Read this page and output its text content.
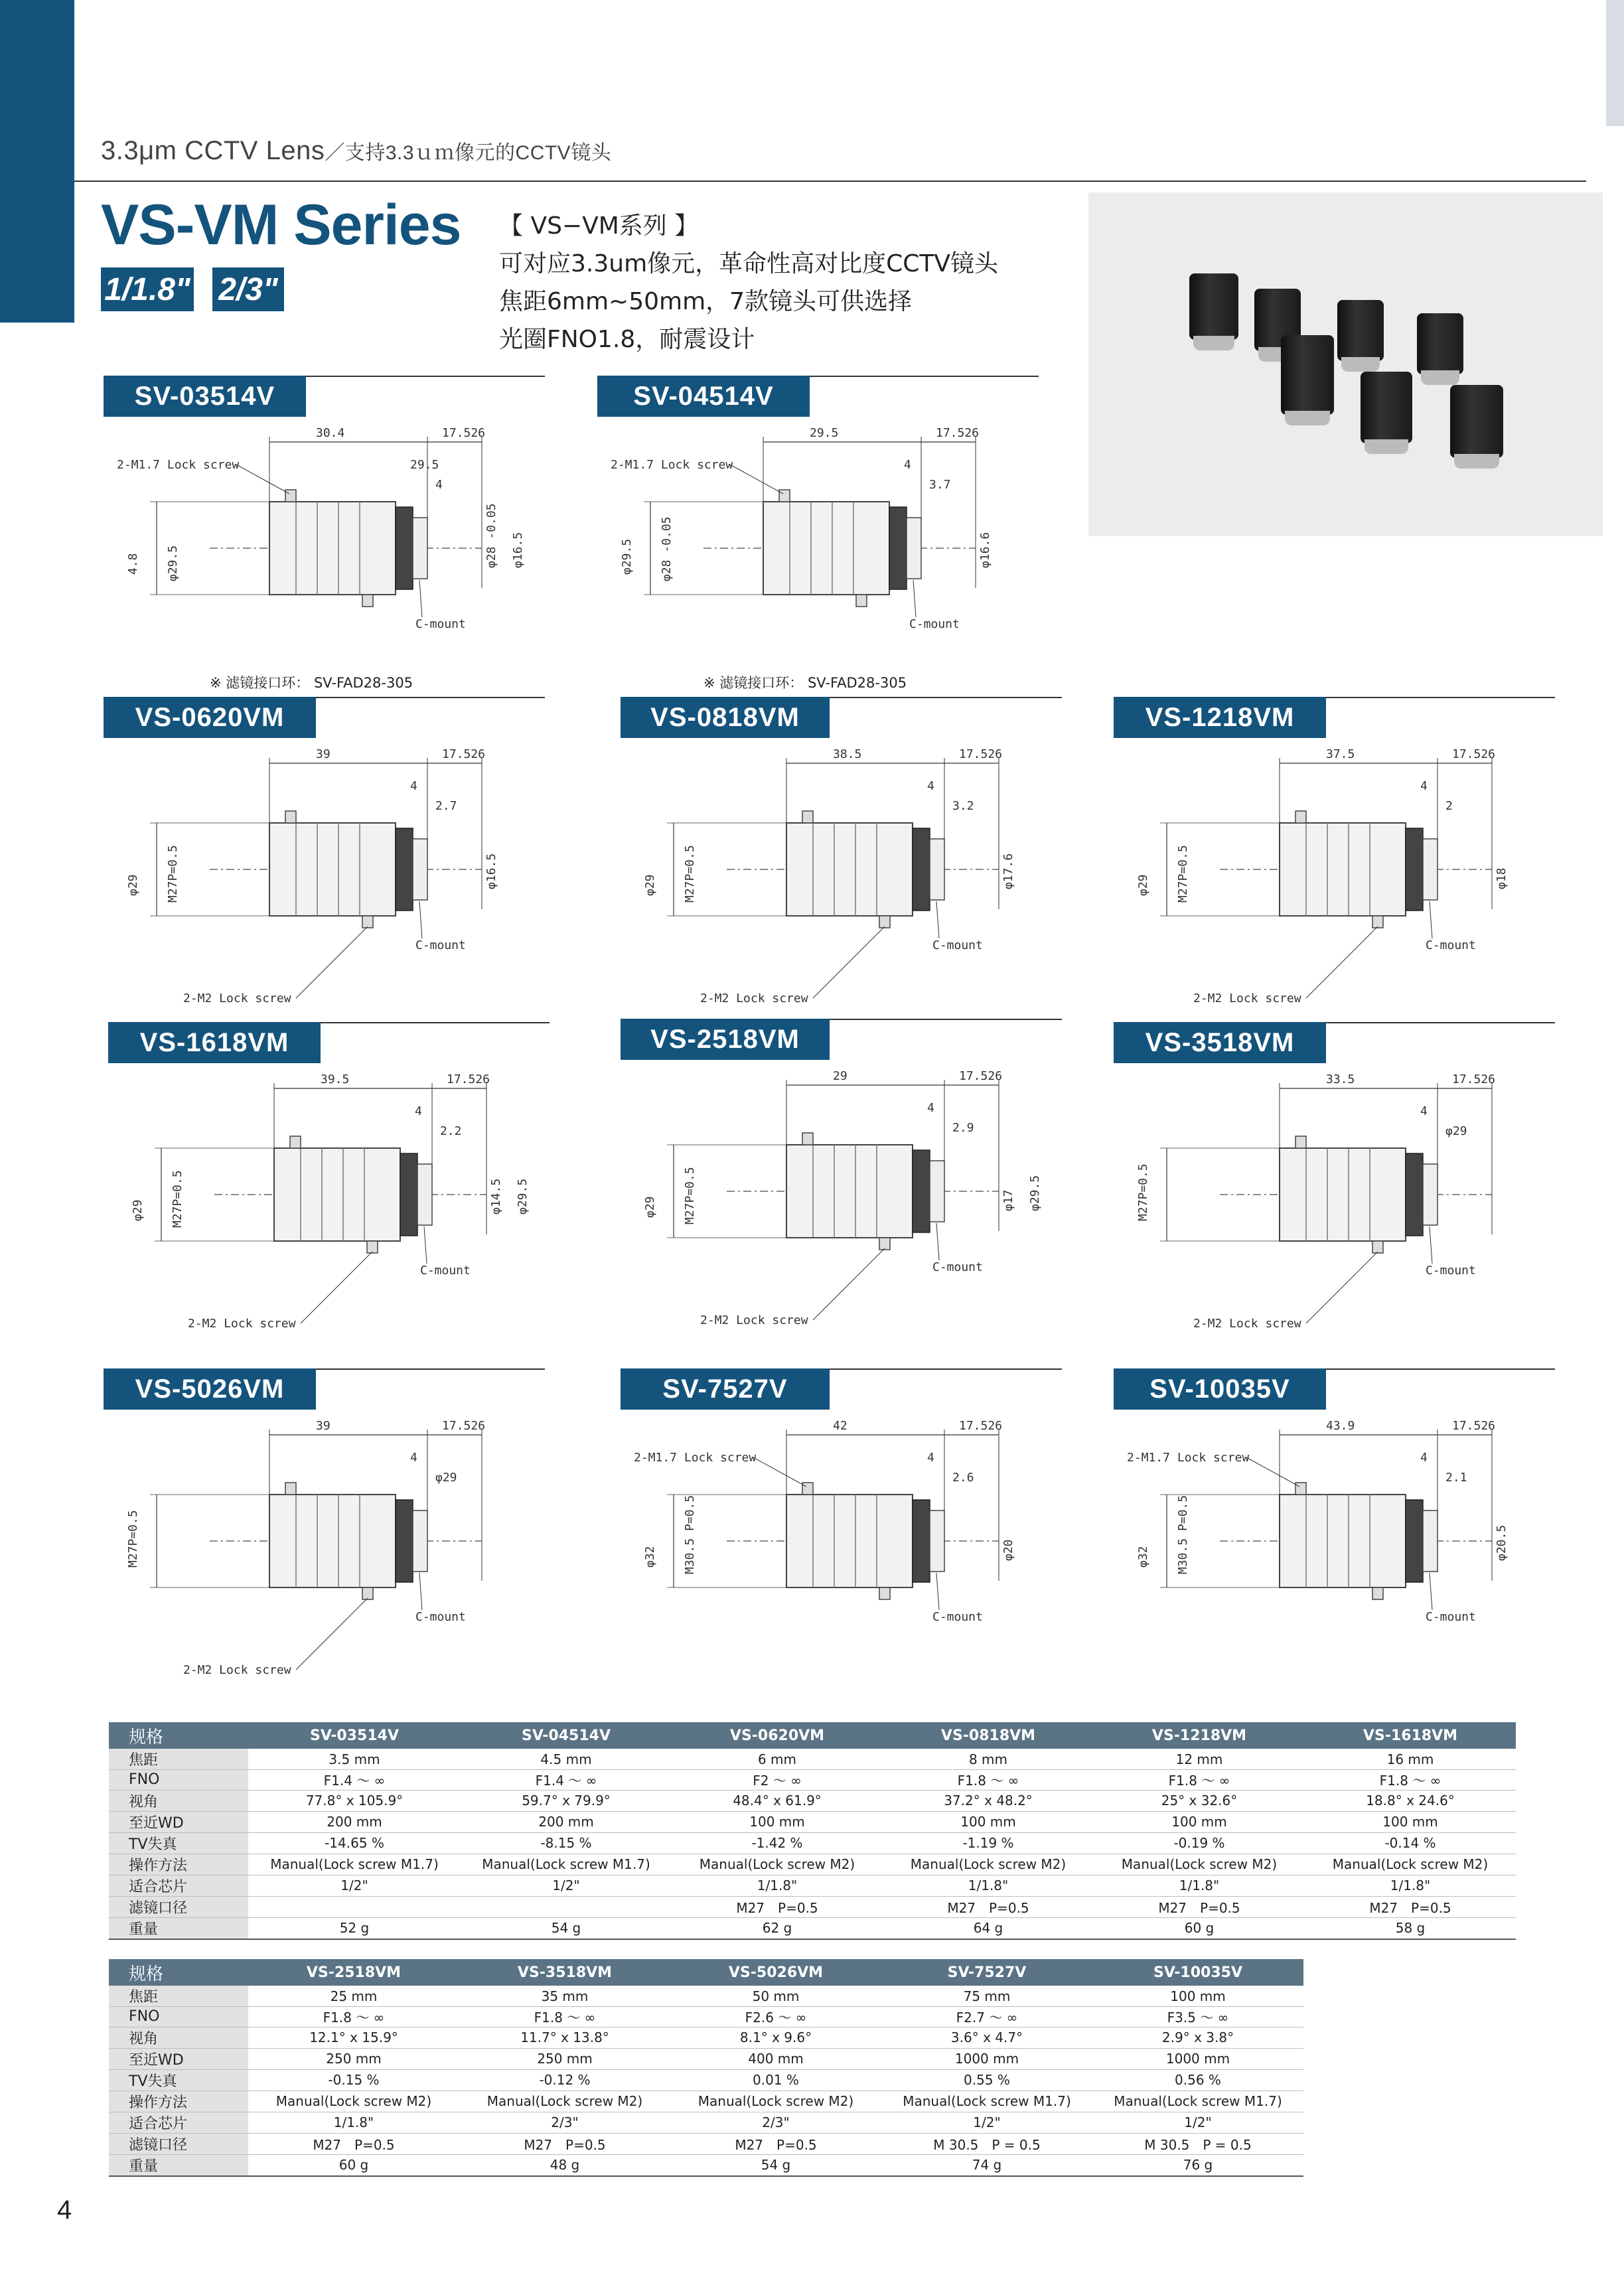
3.3μm CCTV Lens／支持3.3ｕｍ像元的CCTV镜头
VS-VM Series
1/1.8" 2/3"
【 VS−VM系列 】
可对应3.3um像元，革命性高对比度CCTV镜头
焦距6mm~50mm，7款镜头可供选择
光圈FNO1.8，耐震设计
SV-03514V
30.4	17.526
29.5
4
4.8 φ29.5	φ28 -0.05 φ16.5
2-M1.7 Lock screw
C-mount
※ 滤镜接口环： SV-FAD28-305
SV-04514V
29.5	17.526
4
3.7
φ29.5 φ28 -0.05	φ16.6
2-M1.7 Lock screw
C-mount
※ 滤镜接口环： SV-FAD28-305
VS-0620VM
39	17.526
4
2.7
φ29 M27P=0.5	φ16.5
2-M2 Lock screw
C-mount
VS-0818VM
38.5	17.526
4
3.2
φ29 M27P=0.5	φ17.6
2-M2 Lock screw
C-mount
VS-1218VM
37.5	17.526
4
2
φ29 M27P=0.5	φ18
2-M2 Lock screw
C-mount
VS-1618VM
39.5	17.526
4
2.2
φ29 M27P=0.5	φ14.5 φ29.5
2-M2 Lock screw
C-mount
VS-2518VM
29	17.526
4
2.9
φ29 M27P=0.5	φ17 φ29.5
2-M2 Lock screw
C-mount
VS-3518VM
33.5	17.526
4
φ29
M27P=0.5
2-M2 Lock screw
C-mount
VS-5026VM
39	17.526
4
φ29
M27P=0.5
2-M2 Lock screw
C-mount
SV-7527V
42	17.526
4
2.6
φ32 M30.5 P=0.5	φ20
2-M1.7 Lock screw
C-mount
SV-10035V
43.9	17.526
4
2.1
φ32 M30.5 P=0.5	φ20.5
2-M1.7 Lock screw
C-mount
规格	SV-03514V	SV-04514V	VS-0620VM	VS-0818VM	VS-1218VM	VS-1618VM
焦距	3.5 mm	4.5 mm	6 mm	8 mm	12 mm	16 mm
FNO	F1.4 ～ ∞	F1.4 ～ ∞	F2 ～ ∞	F1.8 ～ ∞	F1.8 ～ ∞	F1.8 ～ ∞
视角	77.8° x 105.9°	59.7° x 79.9°	48.4° x 61.9°	37.2° x 48.2°	25° x 32.6°	18.8° x 24.6°
至近WD	200 mm	200 mm	100 mm	100 mm	100 mm	100 mm
TV失真	-14.65 %	-8.15 %	-1.42 %	-1.19 %	-0.19 %	-0.14 %
操作方法	Manual(Lock screw M1.7)	Manual(Lock screw M1.7)	Manual(Lock screw M2)	Manual(Lock screw M2)	Manual(Lock screw M2)	Manual(Lock screw M2)
适合芯片	1/2"	1/2"	1/1.8"	1/1.8"	1/1.8"	1/1.8"
滤镜口径			M27　P=0.5	M27　P=0.5	M27　P=0.5	M27　P=0.5
重量	52 g	54 g	62 g	64 g	60 g	58 g
规格	VS-2518VM	VS-3518VM	VS-5026VM	SV-7527V	SV-10035V
焦距	25 mm	35 mm	50 mm	75 mm	100 mm
FNO	F1.8 ～ ∞	F1.8 ～ ∞	F2.6 ～ ∞	F2.7 ～ ∞	F3.5 ～ ∞
视角	12.1° x 15.9°	11.7° x 13.8°	8.1° x 9.6°	3.6° x 4.7°	2.9° x 3.8°
至近WD	250 mm	250 mm	400 mm	1000 mm	1000 mm
TV失真	-0.15 %	-0.12 %	0.01 %	0.55 %	0.56 %
操作方法	Manual(Lock screw M2)	Manual(Lock screw M2)	Manual(Lock screw M2)	Manual(Lock screw M1.7)	Manual(Lock screw M1.7)
适合芯片	1/1.8"	2/3"	2/3"	1/2"	1/2"
滤镜口径	M27　P=0.5	M27　P=0.5	M27　P=0.5	M 30.5　P = 0.5	M 30.5　P = 0.5
重量	60 g	48 g	54 g	74 g	76 g
4
